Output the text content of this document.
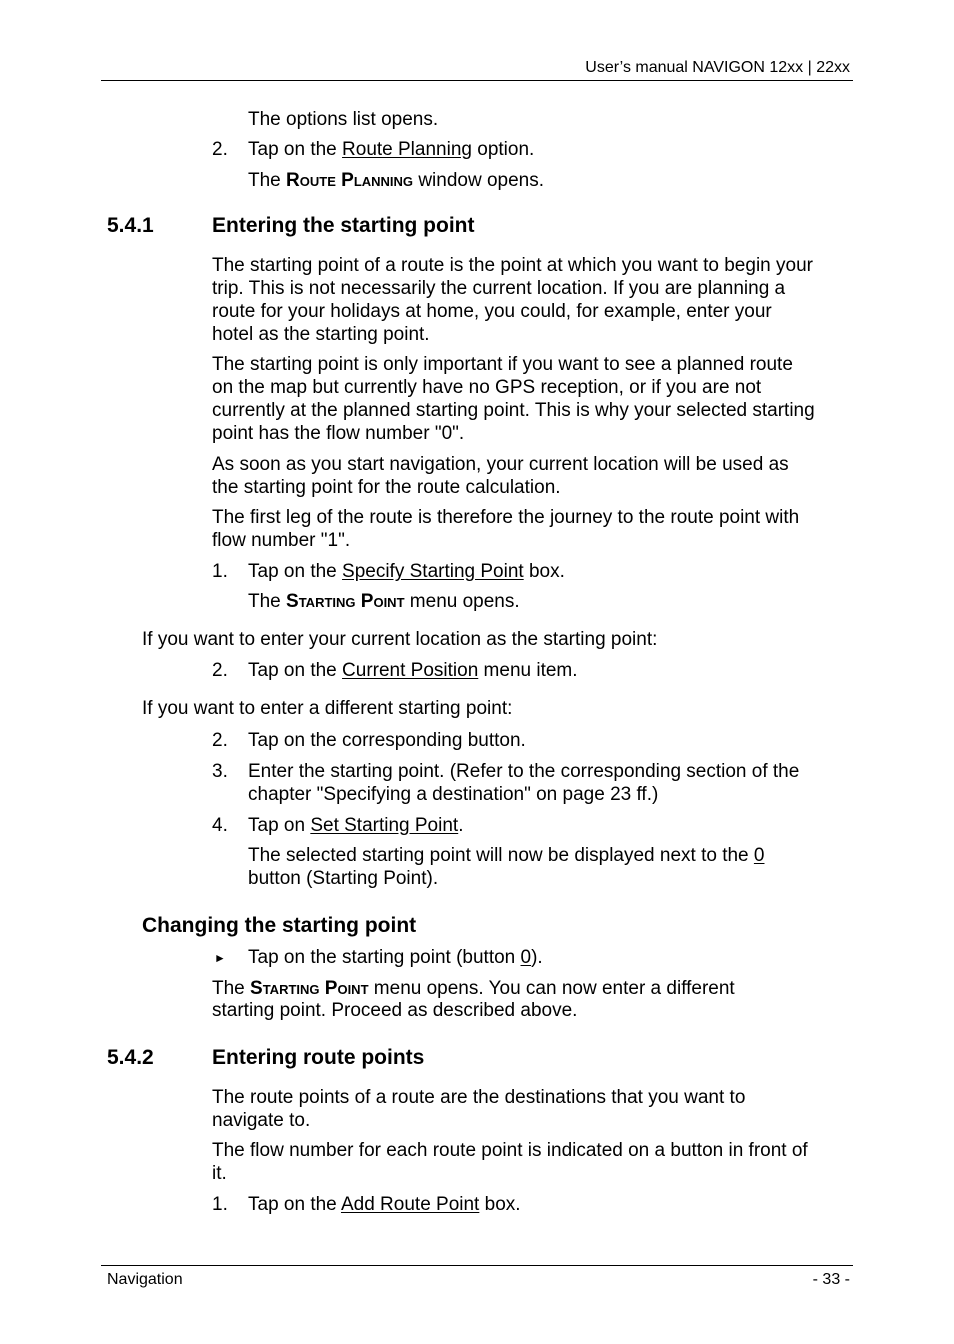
User’s manual NAVIGON 12xx | 22xx
The options list opens.
2. Tap on the Route Planning option.
The Route Planning window opens.
5.4.1	Entering the starting point
The starting point of a route is the point at which you want to begin your
trip. This is not necessarily the current location. If you are planning a
route for your holidays at home, you could, for example, enter your
hotel as the starting point.
The starting point is only important if you want to see a planned route
on the map but currently have no GPS reception, or if you are not
currently at the planned starting point. This is why your selected starting
point has the flow number "0".
As soon as you start navigation, your current location will be used as
the starting point for the route calculation.
The first leg of the route is therefore the journey to the route point with
flow number "1".
1. Tap on the Specify Starting Point box.
The Starting Point menu opens.
If you want to enter your current location as the starting point:
2. Tap on the Current Position menu item.
If you want to enter a different starting point:
2. Tap on the corresponding button.
3. Enter the starting point. (Refer to the corresponding section of the
chapter "Specifying a destination" on page 23 ff.)
4. Tap on Set Starting Point.
The selected starting point will now be displayed next to the 0
button (Starting Point).
Changing the starting point
► Tap on the starting point (button 0).
The Starting Point menu opens. You can now enter a different
starting point. Proceed as described above.
5.4.2	Entering route points
The route points of a route are the destinations that you want to
navigate to.
The flow number for each route point is indicated on a button in front of
it.
1. Tap on the Add Route Point box.
Navigation	- 33 -
